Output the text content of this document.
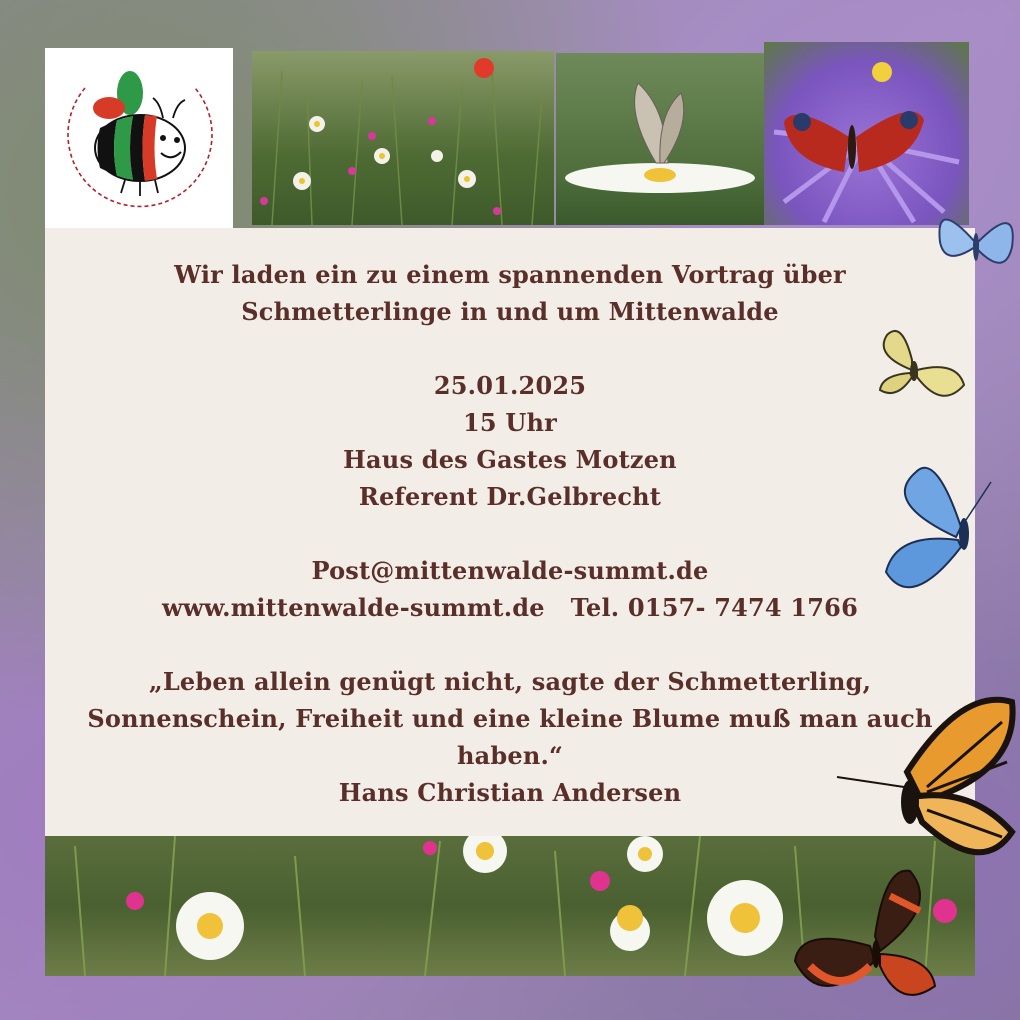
Wir laden ein zu einem spannenden Vortrag über
Schmetterlinge in und um Mittenwalde
25.01.2025
15 Uhr
Haus des Gastes Motzen
Referent Dr.Gelbrecht
Post@mittenwalde-summt.de
www.mittenwalde-summt.de Tel. 0157- 7474 1766
„Leben allein genügt nicht, sagte der Schmetterling,
Sonnenschein, Freiheit und eine kleine Blume muß man auch
haben.“
Hans Christian Andersen
